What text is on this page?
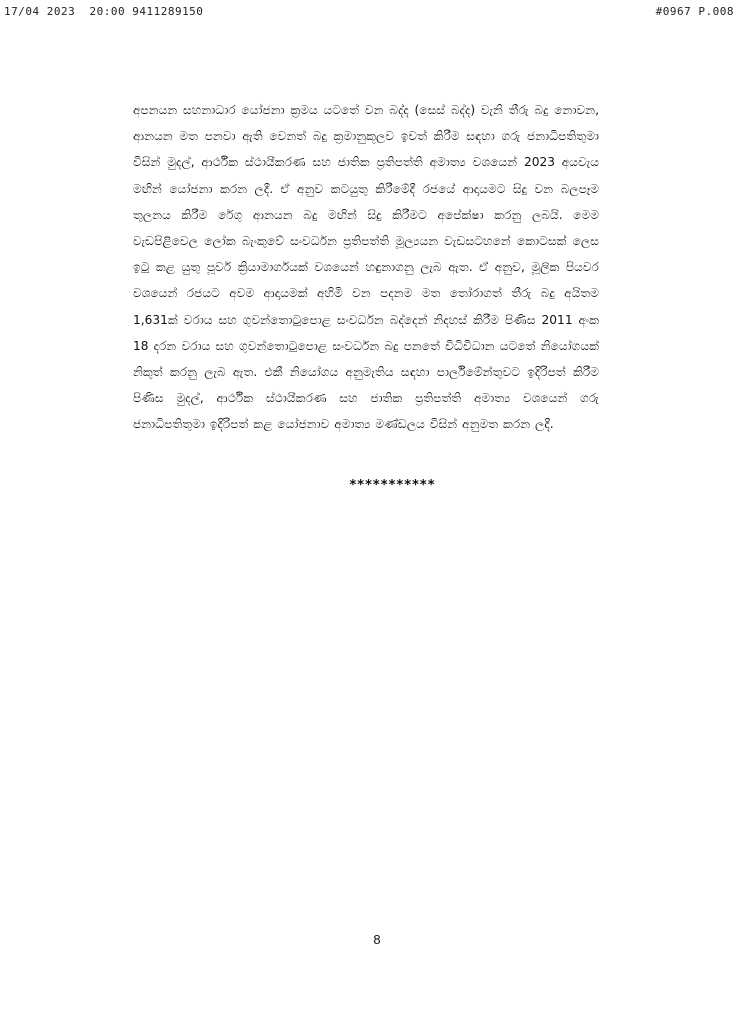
17/04 2023  20:00 9411289150	#0967 P.008
අපනයන සහනාධාර යෝජනා ක්‍රමය යටතේ වන බද්ද (සෙස් බද්ද) වැනි තීරු බදු නොවන, ආනයන මත පනවා ඇති වෙනත් බදු ක්‍රමානුකූලව ඉවත් කිරීම සඳහා ගරු ජනාධිපතිතුමා විසින් මුදල්, ආර්ථික ස්ථායීකරණ සහ ජාතික ප්‍රතිපත්ති අමාත්‍ය වශයෙන් 2023 අයවැය මඟින් යෝජනා කරන ලදී. ඒ අනුව කටයුතු කිරීමේදී රජයේ ආදායමට සිදු වන බලපෑම තුලනය කිරීම රේගු ආනයන බදු මඟින් සිදු කිරීමට අපේක්ෂා කරනු ලබයි. මෙම වැඩපිළිවෙල ලෝක බැංකුවේ සංවර්ධන ප්‍රතිපත්ති මූල්‍යයන වැඩසටහනේ කොටසක් ලෙස ඉටු කළ යුතු පූර්ව ක්‍රියාමාර්ගයක් වශයෙන් හඳුනාගනු ලැබ ඇත. ඒ අනුව, මූලික පියවර වශයෙන් රජයට අවම ආදායමක් අහිමි වන පදනම මත තෝරාගත් තීරු බදු අයිතම 1,631ක් වරාය සහ ගුවන්තොටුපොළ සංවර්ධන බද්දෙන් නිදහස් කිරීම පිණිස 2011 අංක 18 දරන වරාය සහ ගුවන්තොටුපොළ සංවර්ධන බදු පනතේ විධිවිධාන යටතේ නියෝගයක් නිකුත් කරනු ලැබ ඇත. එකී නියෝගය අනුමැතිය සඳහා පාර්ලිමේන්තුවට ඉදිරිපත් කිරීම පිණිස මුදල්, ආර්ථික ස්ථායීකරණ සහ ජාතික ප්‍රතිපත්ති අමාත්‍ය වශයෙන් ගරු ජනාධිපතිතුමා ඉදිරිපත් කළ යෝජනාව අමාත්‍ය මණ්ඩලය විසින් අනුමත කරන ලදී.
***********
8
